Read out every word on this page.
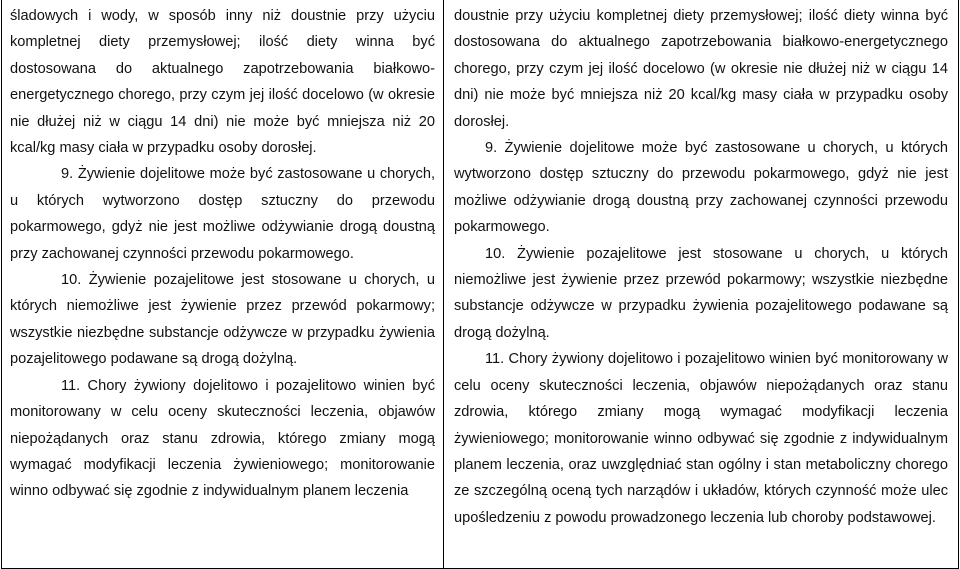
śladowych i wody, w sposób inny niż doustnie przy użyciu kompletnej diety przemysłowej; ilość diety winna być dostosowana do aktualnego zapotrzebowania białkowo-energetycznego chorego, przy czym jej ilość docelowo (w okresie nie dłużej niż w ciągu 14 dni) nie może być mniejsza niż 20 kcal/kg masy ciała w przypadku osoby dorosłej.

9. Żywienie dojelitowe może być zastosowane u chorych, u których wytworzono dostęp sztuczny do przewodu pokarmowego, gdyż nie jest możliwe odżywianie drogą doustną przy zachowanej czynności przewodu pokarmowego.

10. Żywienie pozajelitowe jest stosowane u chorych, u których niemożliwe jest żywienie przez przewód pokarmowy; wszystkie niezbędne substancje odżywcze w przypadku żywienia pozajelitowego podawane są drogą dożylną.

11. Chory żywiony dojelitowo i pozajelitowo winien być monitorowany w celu oceny skuteczności leczenia, objawów niepożądanych oraz stanu zdrowia, którego zmiany mogą wymagać modyfikacji leczenia żywieniowego; monitorowanie winno odbywać się zgodnie z indywidualnym planem leczenia

doustnie przy użyciu kompletnej diety przemysłowej; ilość diety winna być dostosowana do aktualnego zapotrzebowania białkowo-energetycznego chorego, przy czym jej ilość docelowo (w okresie nie dłużej niż w ciągu 14 dni) nie może być mniejsza niż 20 kcal/kg masy ciała w przypadku osoby dorosłej.

9. Żywienie dojelitowe może być zastosowane u chorych, u których wytworzono dostęp sztuczny do przewodu pokarmowego, gdyż nie jest możliwe odżywianie drogą doustną przy zachowanej czynności przewodu pokarmowego.

10. Żywienie pozajelitowe jest stosowane u chorych, u których niemożliwe jest żywienie przez przewód pokarmowy; wszystkie niezbędne substancje odżywcze w przypadku żywienia pozajelitowego podawane są drogą dożylną.

11. Chory żywiony dojelitowo i pozajelitowo winien być monitorowany w celu oceny skuteczności leczenia, objawów niepożądanych oraz stanu zdrowia, którego zmiany mogą wymagać modyfikacji leczenia żywieniowego; monitorowanie winno odbywać się zgodnie z indywidualnym planem leczenia, oraz uwzględniać stan ogólny i stan metaboliczny chorego ze szczególną oceną tych narządów i układów, których czynność może ulec upośledzeniu z powodu prowadzonego leczenia lub choroby podstawowej.
